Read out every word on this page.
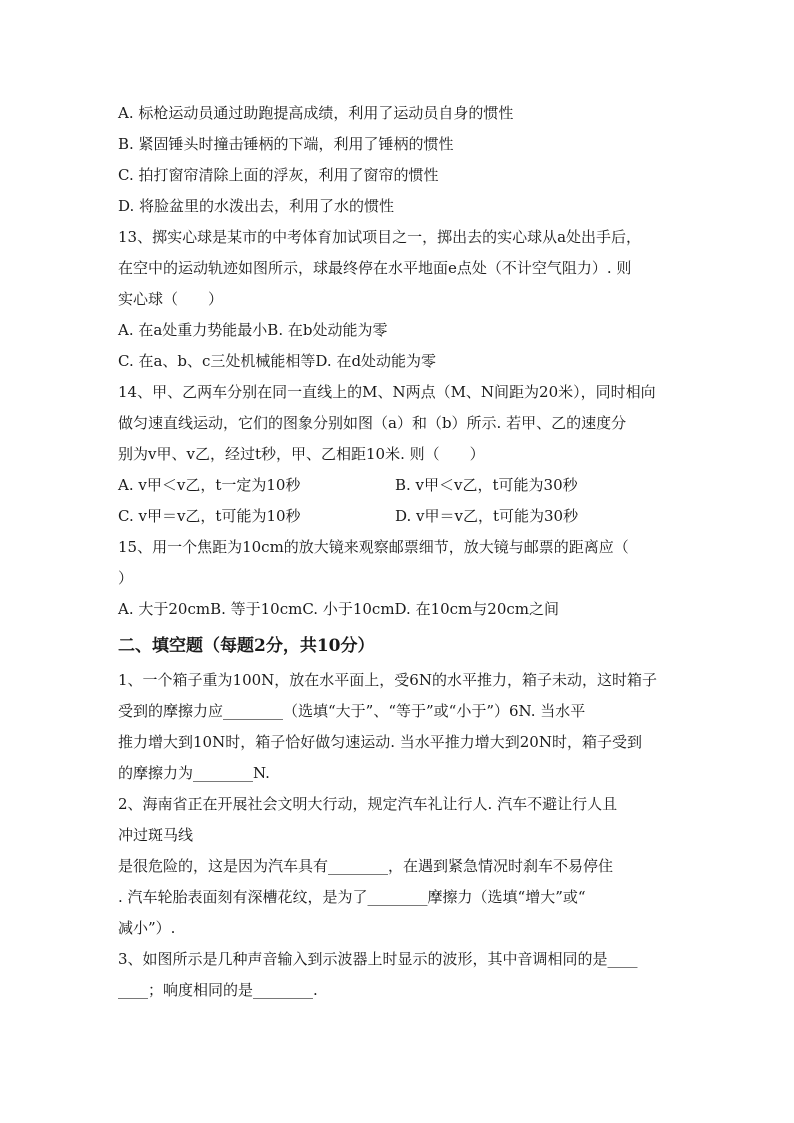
A. 标枪运动员通过助跑提高成绩，利用了运动员自身的惯性
B. 紧固锤头时撞击锤柄的下端，利用了锤柄的惯性
C. 拍打窗帘清除上面的浮灰，利用了窗帘的惯性
D. 将脸盆里的水泼出去，利用了水的惯性
13、掷实心球是某市的中考体育加试项目之一，掷出去的实心球从a处出手后，
在空中的运动轨迹如图所示，球最终停在水平地面e点处（不计空气阻力）. 则
实心球（　　）
A. 在a处重力势能最小B. 在b处动能为零
C. 在a、b、c三处机械能相等D. 在d处动能为零
14、甲、乙两车分别在同一直线上的M、N两点（M、N间距为20米），同时相向
做匀速直线运动，它们的图象分别如图（a）和（b）所示. 若甲、乙的速度分
别为v甲、v乙，经过t秒，甲、乙相距10米. 则（　　）
A. v甲＜v乙，t一定为10秒	B. v甲＜v乙，t可能为30秒
C. v甲＝v乙，t可能为10秒	D. v甲＝v乙，t可能为30秒
15、用一个焦距为10cm的放大镜来观察邮票细节，放大镜与邮票的距离应（
）
A. 大于20cmB. 等于10cmC. 小于10cmD. 在10cm与20cm之间
二、填空题（每题2分，共10分）
1、一个箱子重为100N，放在水平面上，受6N的水平推力，箱子未动，这时箱子
受到的摩擦力应________（选填“大于”、“等于”或“小于”）6N. 当水平
推力增大到10N时，箱子恰好做匀速运动. 当水平推力增大到20N时，箱子受到
的摩擦力为________N.
2、海南省正在开展社会文明大行动，规定汽车礼让行人. 汽车不避让行人且
冲过斑马线
是很危险的，这是因为汽车具有________，在遇到紧急情况时刹车不易停住
. 汽车轮胎表面刻有深槽花纹，是为了________摩擦力（选填“增大”或“
减小”）.
3、如图所示是几种声音输入到示波器上时显示的波形，其中音调相同的是____
____；响度相同的是________.
